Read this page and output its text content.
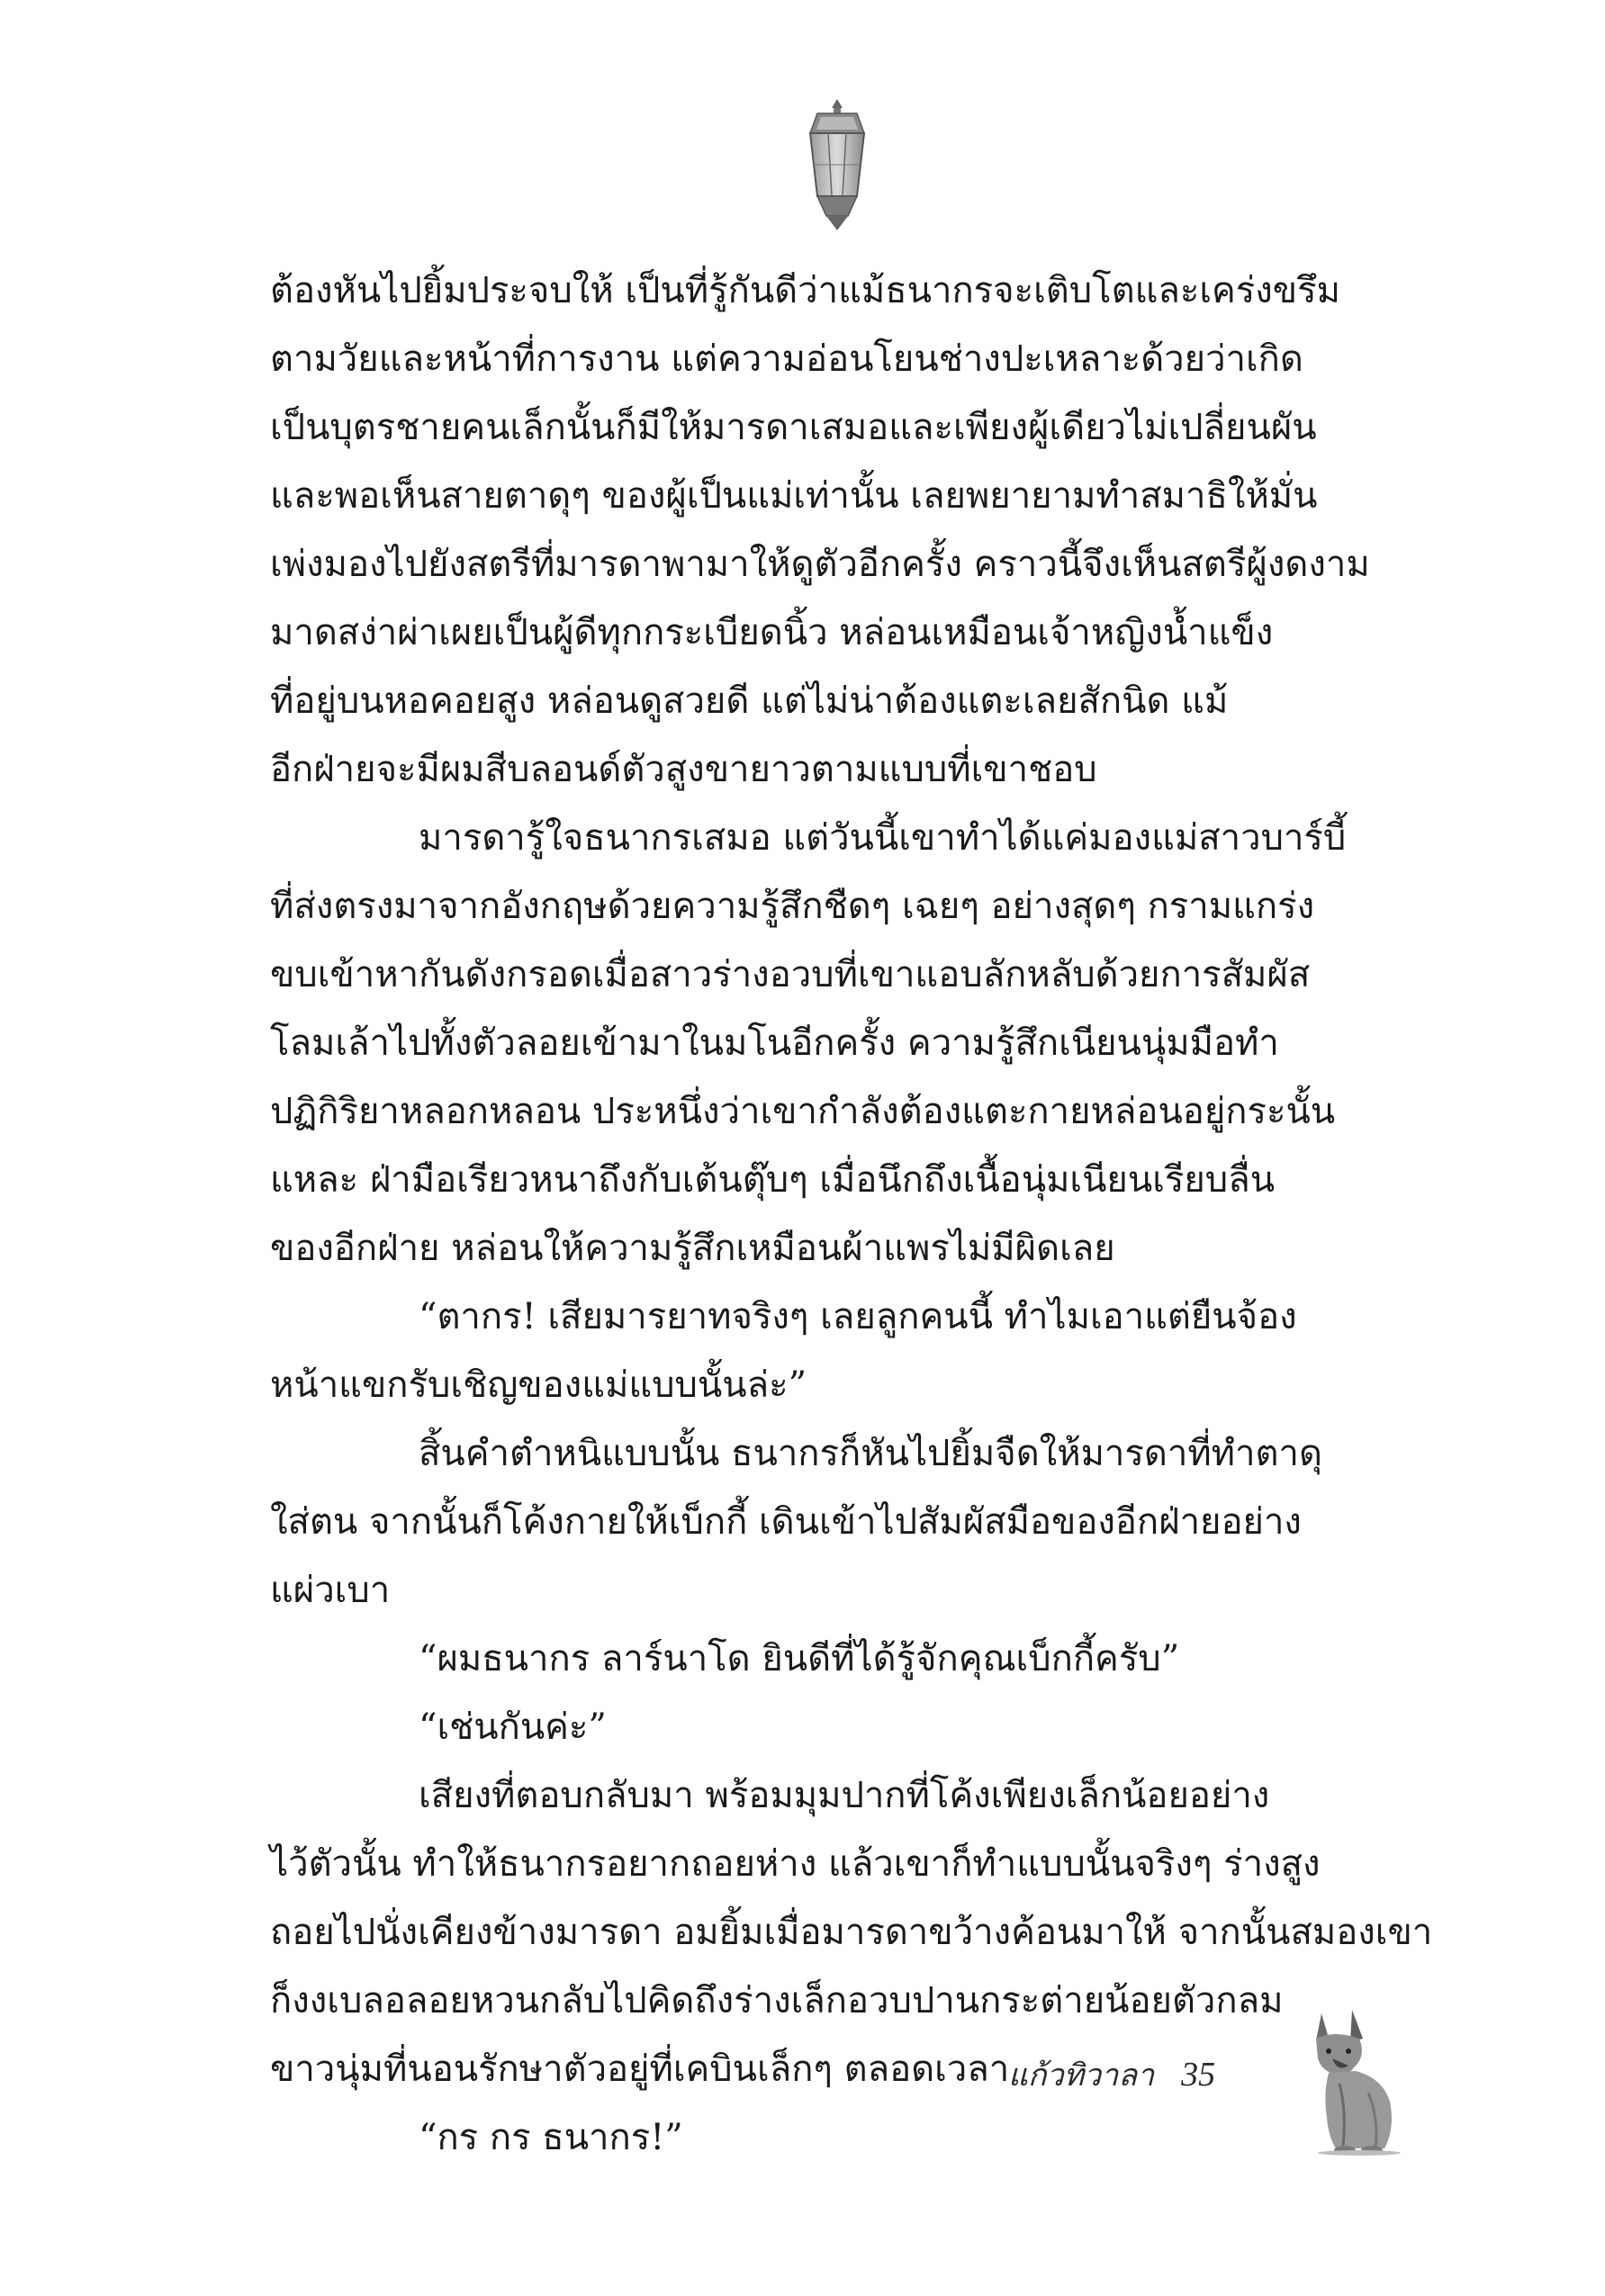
ต้องหันไปยิ้มประจบให้ เป็นที่รู้กันดีว่าแม้ธนากรจะเติบโตและเคร่งขรึม
ตามวัยและหน้าที่การงาน แต่ความอ่อนโยนช่างปะเหลาะด้วยว่าเกิด
เป็นบุตรชายคนเล็กนั้นก็มีให้มารดาเสมอและเพียงผู้เดียวไม่เปลี่ยนผัน
และพอเห็นสายตาดุๆ ของผู้เป็นแม่เท่านั้น เลยพยายามทำสมาธิให้มั่น
เพ่งมองไปยังสตรีที่มารดาพามาให้ดูตัวอีกครั้ง คราวนี้จึงเห็นสตรีผู้งดงาม
มาดสง่าผ่าเผยเป็นผู้ดีทุกกระเบียดนิ้ว หล่อนเหมือนเจ้าหญิงน้ำแข็ง
ที่อยู่บนหอคอยสูง หล่อนดูสวยดี แต่ไม่น่าต้องแตะเลยสักนิด แม้
อีกฝ่ายจะมีผมสีบลอนด์ตัวสูงขายาวตามแบบที่เขาชอบ
มารดารู้ใจธนากรเสมอ แต่วันนี้เขาทำได้แค่มองแม่สาวบาร์บี้
ที่ส่งตรงมาจากอังกฤษด้วยความรู้สึกชืดๆ เฉยๆ อย่างสุดๆ กรามแกร่ง
ขบเข้าหากันดังกรอดเมื่อสาวร่างอวบที่เขาแอบลักหลับด้วยการสัมผัส
โลมเล้าไปทั้งตัวลอยเข้ามาในมโนอีกครั้ง ความรู้สึกเนียนนุ่มมือทำ
ปฏิกิริยาหลอกหลอน ประหนึ่งว่าเขากำลังต้องแตะกายหล่อนอยู่กระนั้น
แหละ ฝ่ามือเรียวหนาถึงกับเต้นตุ๊บๆ เมื่อนึกถึงเนื้อนุ่มเนียนเรียบลื่น
ของอีกฝ่าย หล่อนให้ความรู้สึกเหมือนผ้าแพรไม่มีผิดเลย
“ตากร! เสียมารยาทจริงๆ เลยลูกคนนี้ ทำไมเอาแต่ยืนจ้อง
หน้าแขกรับเชิญของแม่แบบนั้นล่ะ”
สิ้นคำตำหนิแบบนั้น ธนากรก็หันไปยิ้มจืดให้มารดาที่ทำตาดุ
ใส่ตน จากนั้นก็โค้งกายให้เบ็กกี้ เดินเข้าไปสัมผัสมือของอีกฝ่ายอย่าง
แผ่วเบา
“ผมธนากร ลาร์นาโด ยินดีที่ได้รู้จักคุณเบ็กกี้ครับ”
“เช่นกันค่ะ”
เสียงที่ตอบกลับมา พร้อมมุมปากที่โค้งเพียงเล็กน้อยอย่าง
ไว้ตัวนั้น ทำให้ธนากรอยากถอยห่าง แล้วเขาก็ทำแบบนั้นจริงๆ ร่างสูง
ถอยไปนั่งเคียงข้างมารดา อมยิ้มเมื่อมารดาขว้างค้อนมาให้ จากนั้นสมองเขา
ก็งงเบลอลอยหวนกลับไปคิดถึงร่างเล็กอวบปานกระต่ายน้อยตัวกลม
ขาวนุ่มที่นอนรักษาตัวอยู่ที่เคบินเล็กๆ ตลอดเวลา
“กร กร ธนากร!”
แก้วทิวาลา 35
